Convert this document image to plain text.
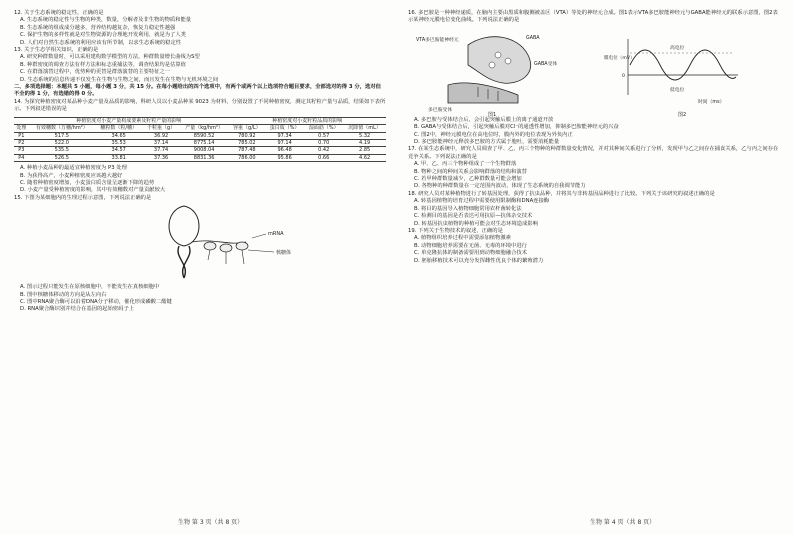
12. 关于生态系统的稳定性，正确的是

A. 生态系统的稳定性与生物的种类，数量，分解者及非生物的物质和能量

B. 生态系统的组成成分越多，营养结构越复杂，恢复力稳定性越强

C. 保护生物的多样性就是对生物资源的合理地开发利用，就是为了人类

D. 人们对自然生态系统的利用应该有所节制，以求生态系统的稳定性

13. 关于生态学相关知识，正确的是

A. 研究种群数量时，可以采用建构数学模型的方法，种群数量增长曲线为S型

B. 种群密度的调查方法有样方法和标志重捕法等，调查结果均是估算值

C. 在群落演替过程中，优势种的更替是群落演替的主要特征之一

D. 生态系统的信息传递不仅发生在生物与生物之间，而且发生在生物与无机环境之间

二、多项选择题：本题共 5 小题，每小题 3 分，共 15 分。在每小题给出的四个选项中，有两个或两个以上选项符合题目要求，全部选对的得 3 分，选对但不全的得 1 分，有选错的得 0 分。

14. 为探究种植密度对某品种小麦产量及品质的影响，科研人员以小麦品种某 9023 为材料，分别设置了不同种植密度，测定其籽粒产量与品质，结果如下表所示。下列叙述错误的是

	种植密度对小麦产量构成要素及籽粒产量的影响				种植密度对小麦籽粒品质的影响			
处理	有效穗数（万穗/hm²）	穗粒数（粒/穗）	千粒重（g）	产量（kg/hm²）	容重（g/L）	蛋白质（%）	湿面筋（%）	沉降值（mL）
P1	517.5	34.65	36.92	8590.52	780.92	97.34	0.57	5.32
P2	522.0	35.53	37.14	8775.14	785.02	97.14	0.70	4.19
P3	535.5	34.57	37.74	9008.04	787.48	96.48	0.42	2.85
P4	526.5	33.81	37.36	8831.36	786.00	95.86	0.66	4.62

A. 种植小麦品种的最适宜种植密度为 P3 处理

B. 为获得高产，小麦种植密度应该越大越好

C. 随着种植密度增加，小麦蛋白质含量呈逐渐下降的趋势

D. 小麦产量受种植密度的影响，其中有效穗数对产量贡献较大

15. 下图为某细胞内的生理过程示意图，下列说法正确的是

mRNA
核糖体

A. 图示过程只能发生在原核细胞中，不能发生在真核细胞中

B. 图中核糖体移动的方向是从左向右

C. 图中RNA聚合酶可以沿着DNA分子移动，催化形成磷酸二酯键

D. RNA聚合酶识别并结合在基因的起始密码子上

16. 多巴胺是一种神经递质，在脑内主要由黑质和腹侧被盖区（VTA）等处的神经元合成。图1表示VTA多巴胺能神经元与GABA能神经元的联系示意图，图2表示某神经元膜电位变化曲线。下列说法正确的是

VTA多巴胺能神经元	GABA
GABA受体
多巴胺受体
图1
高电位
低电位
膜电位（mV）
0
时间（ms）
图2

A. 多巴胺与受体结合后，会引起突触后膜上的离子通道开放

B. GABA与受体结合后，引起突触后膜对Cl⁻的通透性增加，抑制多巴胺能神经元的兴奋

C. 图2中，神经元膜电位在高电位时，膜内外的电位表现为外负内正

D. 多巴胺能神经元释放多巴胺的方式属于胞吐，需要消耗能量

17. 在某生态系统中，研究人员调查了甲、乙、丙三个物种的种群数量变化情况，并对其种间关系进行了分析，发现甲与乙之间存在捕食关系，乙与丙之间存在竞争关系。下列说法正确的是

A. 甲、乙、丙三个物种组成了一个生物群落

B. 物种之间的种间关系会影响群落的结构和演替

C. 若甲种群数量减少，乙种群数量可能会增加

D. 各物种的种群数量在一定范围内波动，体现了生态系统的自我调节能力

18. 研究人员对某种植物进行了转基因处理，获得了抗虫品种，并将其与非转基因品种进行了比较。下列关于该研究的叙述正确的是

A. 转基因植物的培育过程中需要使用限制酶和DNA连接酶

B. 将目的基因导入植物细胞常用农杆菌转化法

C. 检测目的基因是否表达可用抗原—抗体杂交技术

D. 转基因抗虫植物的种植可能会对生态环境造成影响

19. 下列关于生物技术的叙述，正确的是

A. 植物组织培养过程中需要添加植物激素

B. 动物细胞培养需要在无菌、无毒的环境中进行

C. 单克隆抗体的制备需要用到动物细胞融合技术

D. 胚胎移植技术可以充分发挥雌性优良个体的繁殖潜力

生物 第 3 页（共 8 页）	生物 第 4 页（共 8 页）
